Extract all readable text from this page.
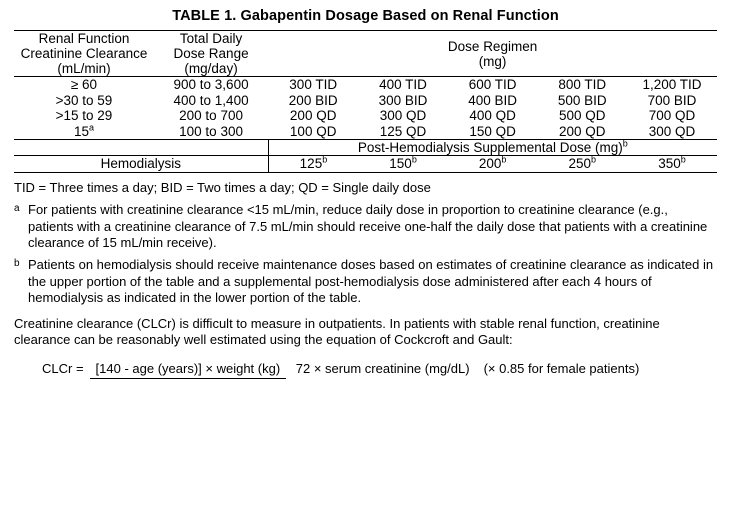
TABLE 1. Gabapentin Dosage Based on Renal Function
Renal Function
Creatinine Clearance
(mL/min)

Total Daily
Dose Range
(mg/day)

Dose Regimen
(mg)

≥ 60	900 to 3,600	300 TID	400 TID	600 TID	800 TID	1,200 TID
>30 to 59	400 to 1,400	200 BID	300 BID	400 BID	500 BID	700 BID
>15 to 29	200 to 700	200 QD	300 QD	400 QD	500 QD	700 QD
15$^a$	100 to 300	100 QD	125 QD	150 QD	200 QD	300 QD
		Post-Hemodialysis Supplemental Dose (mg)$^b$
Hemodialysis		125$^b$	150$^b$	200$^b$	250$^b$	350$^b$
TID = Three times a day; BID = Two times a day; QD = Single daily dose
a For patients with creatinine clearance <15 mL/min, reduce daily dose in proportion to creatinine clearance (e.g., patients with a creatinine clearance of 7.5 mL/min should receive one-half the daily dose that patients with a creatinine clearance of 15 mL/min receive).
b Patients on hemodialysis should receive maintenance doses based on estimates of creatinine clearance as indicated in the upper portion of the table and a supplemental post-hemodialysis dose administered after each 4 hours of hemodialysis as indicated in the lower portion of the table.
Creatinine clearance (CLCr) is difficult to measure in outpatients. In patients with stable renal function, creatinine clearance can be reasonably well estimated using the equation of Cockcroft and Gault:
CLCr = [140 - age (years)] × weight (kg) 72 × serum creatinine (mg/dL)	(× 0.85 for female patients)
